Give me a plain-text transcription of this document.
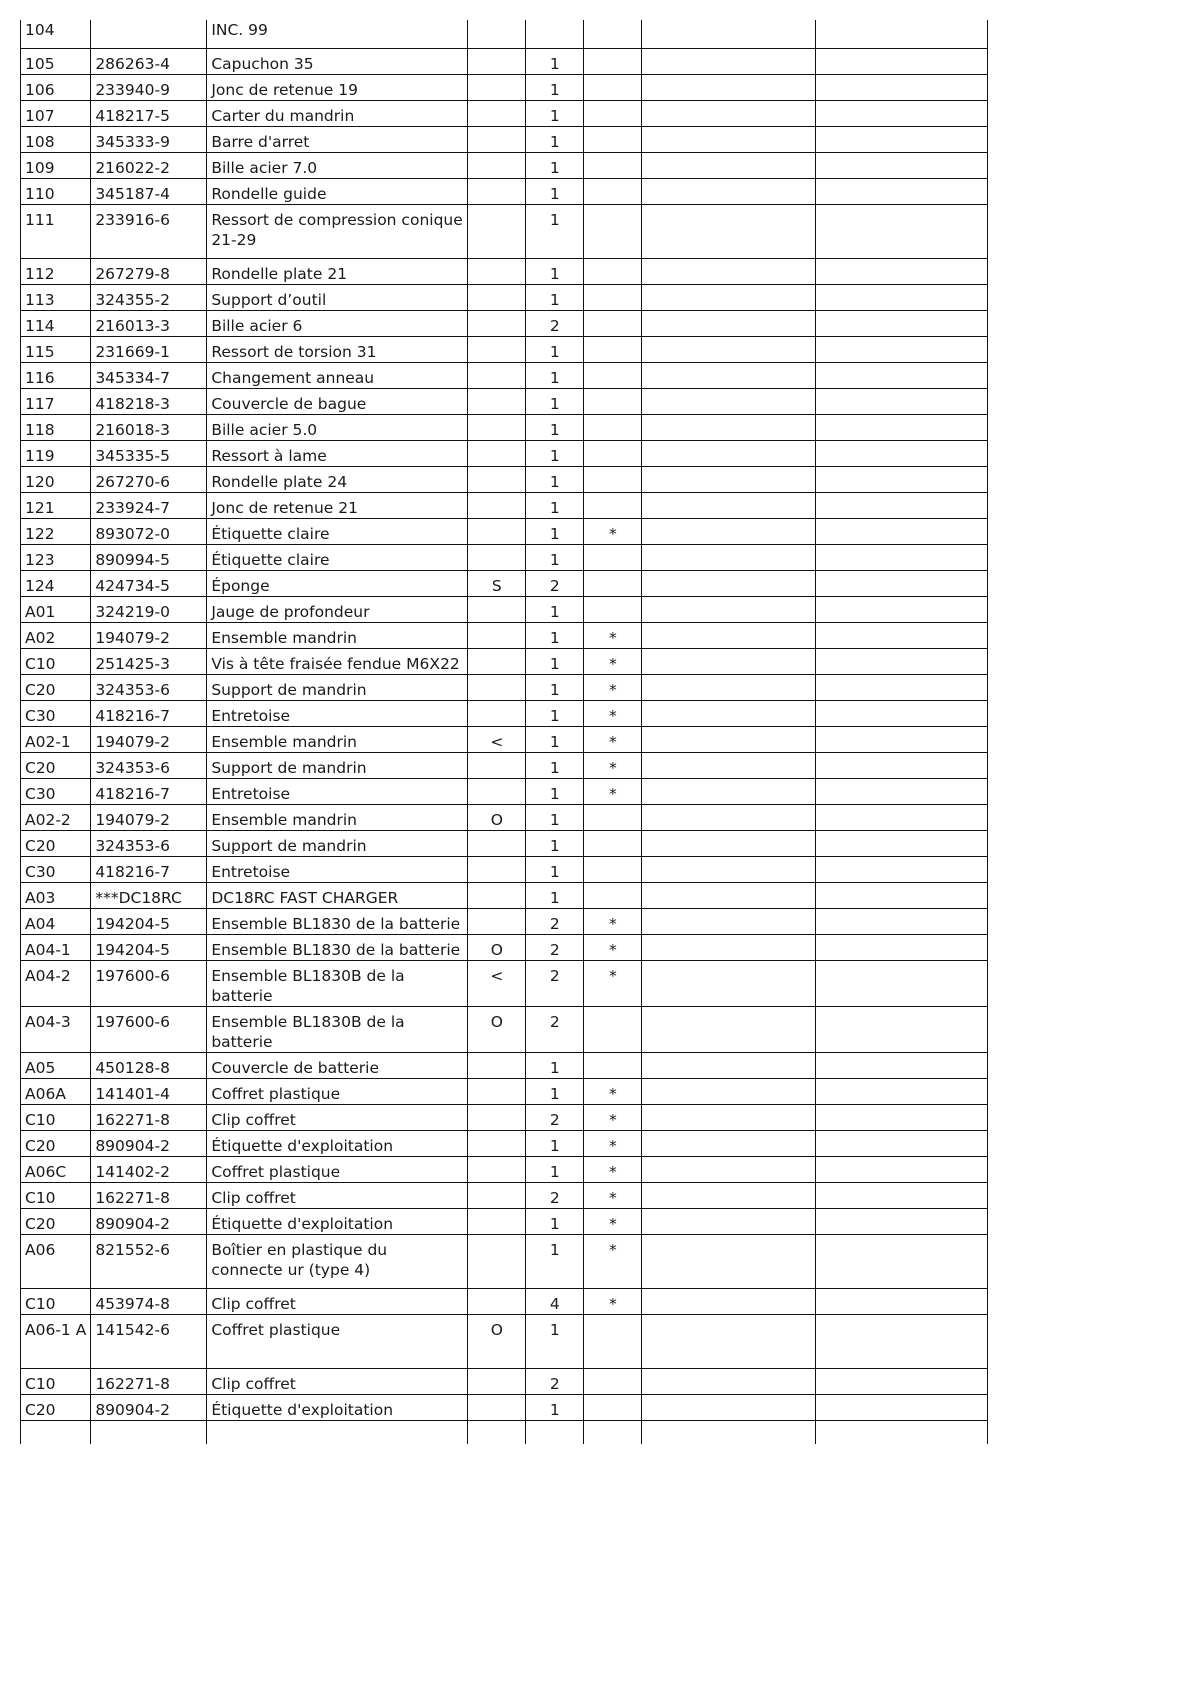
104		INC. 99					
105	286263-4	Capuchon 35		1			
106	233940-9	Jonc de retenue 19		1			
107	418217-5	Carter du mandrin		1			
108	345333-9	Barre d'arret		1			
109	216022-2	Bille acier 7.0		1			
110	345187-4	Rondelle guide		1			
111	233916-6	Ressort de compression conique 21-29		1			
112	267279-8	Rondelle plate 21		1			
113	324355-2	Support d’outil		1			
114	216013-3	Bille acier 6		2			
115	231669-1	Ressort de torsion 31		1			
116	345334-7	Changement anneau		1			
117	418218-3	Couvercle de bague		1			
118	216018-3	Bille acier 5.0		1			
119	345335-5	Ressort à lame		1			
120	267270-6	Rondelle plate 24		1			
121	233924-7	Jonc de retenue 21		1			
122	893072-0	Étiquette claire		1	*		
123	890994-5	Étiquette claire		1			
124	424734-5	Éponge	S	2			
A01	324219-0	Jauge de profondeur		1			
A02	194079-2	Ensemble mandrin		1	*		
C10	251425-3	Vis à tête fraisée fendue M6X22		1	*		
C20	324353-6	Support de mandrin		1	*		
C30	418216-7	Entretoise		1	*		
A02-1	194079-2	Ensemble mandrin	<	1	*		
C20	324353-6	Support de mandrin		1	*		
C30	418216-7	Entretoise		1	*		
A02-2	194079-2	Ensemble mandrin	O	1			
C20	324353-6	Support de mandrin		1			
C30	418216-7	Entretoise		1			
A03	***DC18RC	DC18RC FAST CHARGER		1			
A04	194204-5	Ensemble BL1830 de la batterie		2	*		
A04-1	194204-5	Ensemble BL1830 de la batterie	O	2	*		
A04-2	197600-6	Ensemble BL1830B de la batterie	<	2	*		
A04-3	197600-6	Ensemble BL1830B de la batterie	O	2			
A05	450128-8	Couvercle de batterie		1			
A06A	141401-4	Coffret plastique		1	*		
C10	162271-8	Clip coffret		2	*		
C20	890904-2	Étiquette d'exploitation		1	*		
A06C	141402-2	Coffret plastique		1	*		
C10	162271-8	Clip coffret		2	*		
C20	890904-2	Étiquette d'exploitation		1	*		
A06	821552-6	Boîtier en plastique du connecte ur (type 4)		1	*		
C10	453974-8	Clip coffret		4	*		
A06-1 A	141542-6	Coffret plastique	O	1			
C10	162271-8	Clip coffret		2			
C20	890904-2	Étiquette d'exploitation		1			
